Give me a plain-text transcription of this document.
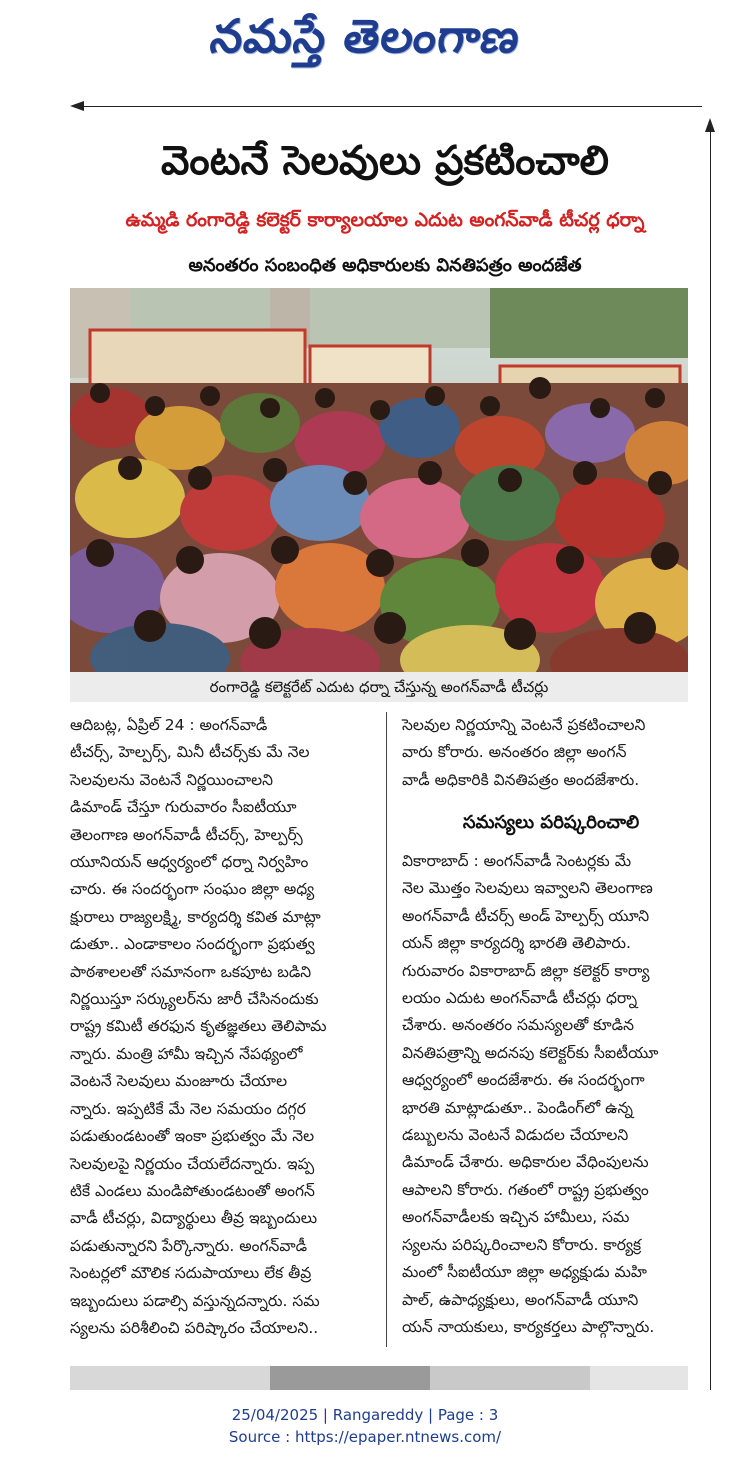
నమస్తే తెలంగాణ
వెంటనే సెలవులు ప్రకటించాలి
ఉమ్మడి రంగారెడ్డి కలెక్టర్ కార్యాలయాల ఎదుట అంగన్‌వాడీ టీచర్ల ధర్నా
అనంతరం సంబంధిత అధికారులకు వినతిపత్రం అందజేత
రంగారెడ్డి కలెక్టరేట్ ఎదుట ధర్నా చేస్తున్న అంగన్‌వాడీ టీచర్లు

ఆదిబట్ల, ఏప్రిల్ 24 : అంగన్‌వాడీ

టీచర్స్, హెల్పర్స్, మినీ టీచర్స్‌కు మే నెల

సెలవులను వెంటనే నిర్ణయించాలని

డిమాండ్ చేస్తూ గురువారం సీఐటీయూ

తెలంగాణ అంగన్‌వాడీ టీచర్స్, హెల్పర్స్

యూనియన్ ఆధ్వర్యంలో ధర్నా నిర్వహిం

చారు. ఈ సందర్భంగా సంఘం జిల్లా అధ్య

క్షురాలు రాజ్యలక్ష్మి, కార్యదర్శి కవిత మాట్లా

డుతూ.. ఎండాకాలం సందర్భంగా ప్రభుత్వ

పాఠశాలలతో సమానంగా ఒకపూట బడిని

నిర్ణయిస్తూ సర్క్యులర్‌ను జారీ చేసినందుకు

రాష్ట్ర కమిటీ తరఫున కృతజ్ఞతలు తెలిపామ

న్నారు. మంత్రి హామీ ఇచ్చిన నేపథ్యంలో

వెంటనే సెలవులు మంజూరు చేయాల

న్నారు. ఇప్పటికే మే నెల సమయం దగ్గర

పడుతుండటంతో ఇంకా ప్రభుత్వం మే నెల

సెలవులపై నిర్ణయం చేయలేదన్నారు. ఇప్ప

టికే ఎండలు మండిపోతుండటంతో అంగన్

వాడీ టీచర్లు, విద్యార్థులు తీవ్ర ఇబ్బందులు

పడుతున్నారని పేర్కొన్నారు. అంగన్‌వాడీ

సెంటర్లలో మౌలిక సదుపాయాలు లేక తీవ్ర

ఇబ్బందులు పడాల్సి వస్తున్నదన్నారు. సమ

స్యలను పరిశీలించి పరిష్కారం చేయాలని..

సెలవుల నిర్ణయాన్ని వెంటనే ప్రకటించాలని

వారు కోరారు. అనంతరం జిల్లా అంగన్

వాడీ అధికారికి వినతిపత్రం అందజేశారు.

సమస్యలు పరిష్కరించాలి

వికారాబాద్ : అంగన్‌వాడీ సెంటర్లకు మే

నెల మొత్తం సెలవులు ఇవ్వాలని తెలంగాణ

అంగన్‌వాడీ టీచర్స్ అండ్ హెల్పర్స్ యూని

యన్ జిల్లా కార్యదర్శి భారతి తెలిపారు.

గురువారం వికారాబాద్ జిల్లా కలెక్టర్ కార్యా

లయం ఎదుట అంగన్‌వాడీ టీచర్లు ధర్నా

చేశారు. అనంతరం సమస్యలతో కూడిన

వినతిపత్రాన్ని అదనపు కలెక్టర్‌కు సీఐటీయూ

ఆధ్వర్యంలో అందజేశారు. ఈ సందర్భంగా

భారతి మాట్లాడుతూ.. పెండింగ్‌లో ఉన్న

డబ్బులను వెంటనే విడుదల చేయాలని

డిమాండ్ చేశారు. అధికారుల వేధింపులను

ఆపాలని కోరారు. గతంలో రాష్ట్ర ప్రభుత్వం

అంగన్‌వాడీలకు ఇచ్చిన హామీలు, సమ

స్యలను పరిష్కరించాలని కోరారు. కార్యక్ర

మంలో సీఐటీయూ జిల్లా అధ్యక్షుడు మహి

పాల్, ఉపాధ్యక్షులు, అంగన్‌వాడీ యూని

యన్ నాయకులు, కార్యకర్తలు పాల్గొన్నారు.

25/04/2025 | Rangareddy | Page : 3
Source : https://epaper.ntnews.com/
